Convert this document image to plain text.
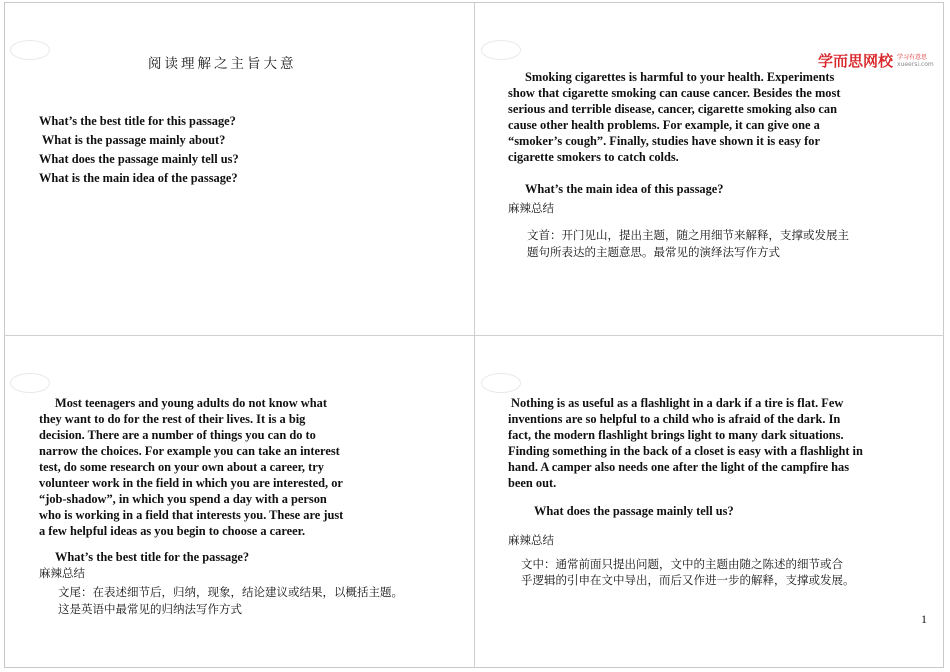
阅读理解之主旨大意
What’s the best title for this passage?
What is the passage mainly about?
What does the passage mainly tell us?
What is the main idea of the passage?
学而思网校 学习有意思
xueersi.com
Smoking cigarettes is harmful to your health. Experiments
show that cigarette smoking can cause cancer. Besides the most
serious and terrible disease, cancer, cigarette smoking also can
cause other health problems. For example, it can give one a
“smoker’s cough”. Finally, studies have shown it is easy for
cigarette smokers to catch colds.
What’s the main idea of this passage?
麻辣总结
文首：开门见山，提出主题，随之用细节来解释，支撑或发展主
题句所表达的主题意思。最常见的演绎法写作方式
Most teenagers and young adults do not know what
they want to do for the rest of their lives. It is a big
decision. There are a number of things you can do to
narrow the choices. For example you can take an interest
test, do some research on your own about a career, try
volunteer work in the field in which you are interested, or
“job-shadow”, in which you spend a day with a person
who is working in a field that interests you. These are just
a few helpful ideas as you begin to choose a career.
What’s the best title for the passage?
麻辣总结
文尾：在表述细节后，归纳，现象，结论建议或结果，以概括主题。
这是英语中最常见的归纳法写作方式
Nothing is as useful as a flashlight in a dark if a tire is flat. Few
inventions are so helpful to a child who is afraid of the dark. In
fact, the modern flashlight brings light to many dark situations.
Finding something in the back of a closet is easy with a flashlight in
hand. A camper also needs one after the light of the campfire has
been out.
What does the passage mainly tell us?
麻辣总结
文中：通常前面只提出问题，文中的主题由随之陈述的细节或合
乎逻辑的引申在文中导出，而后又作进一步的解释，支撑或发展。
1
